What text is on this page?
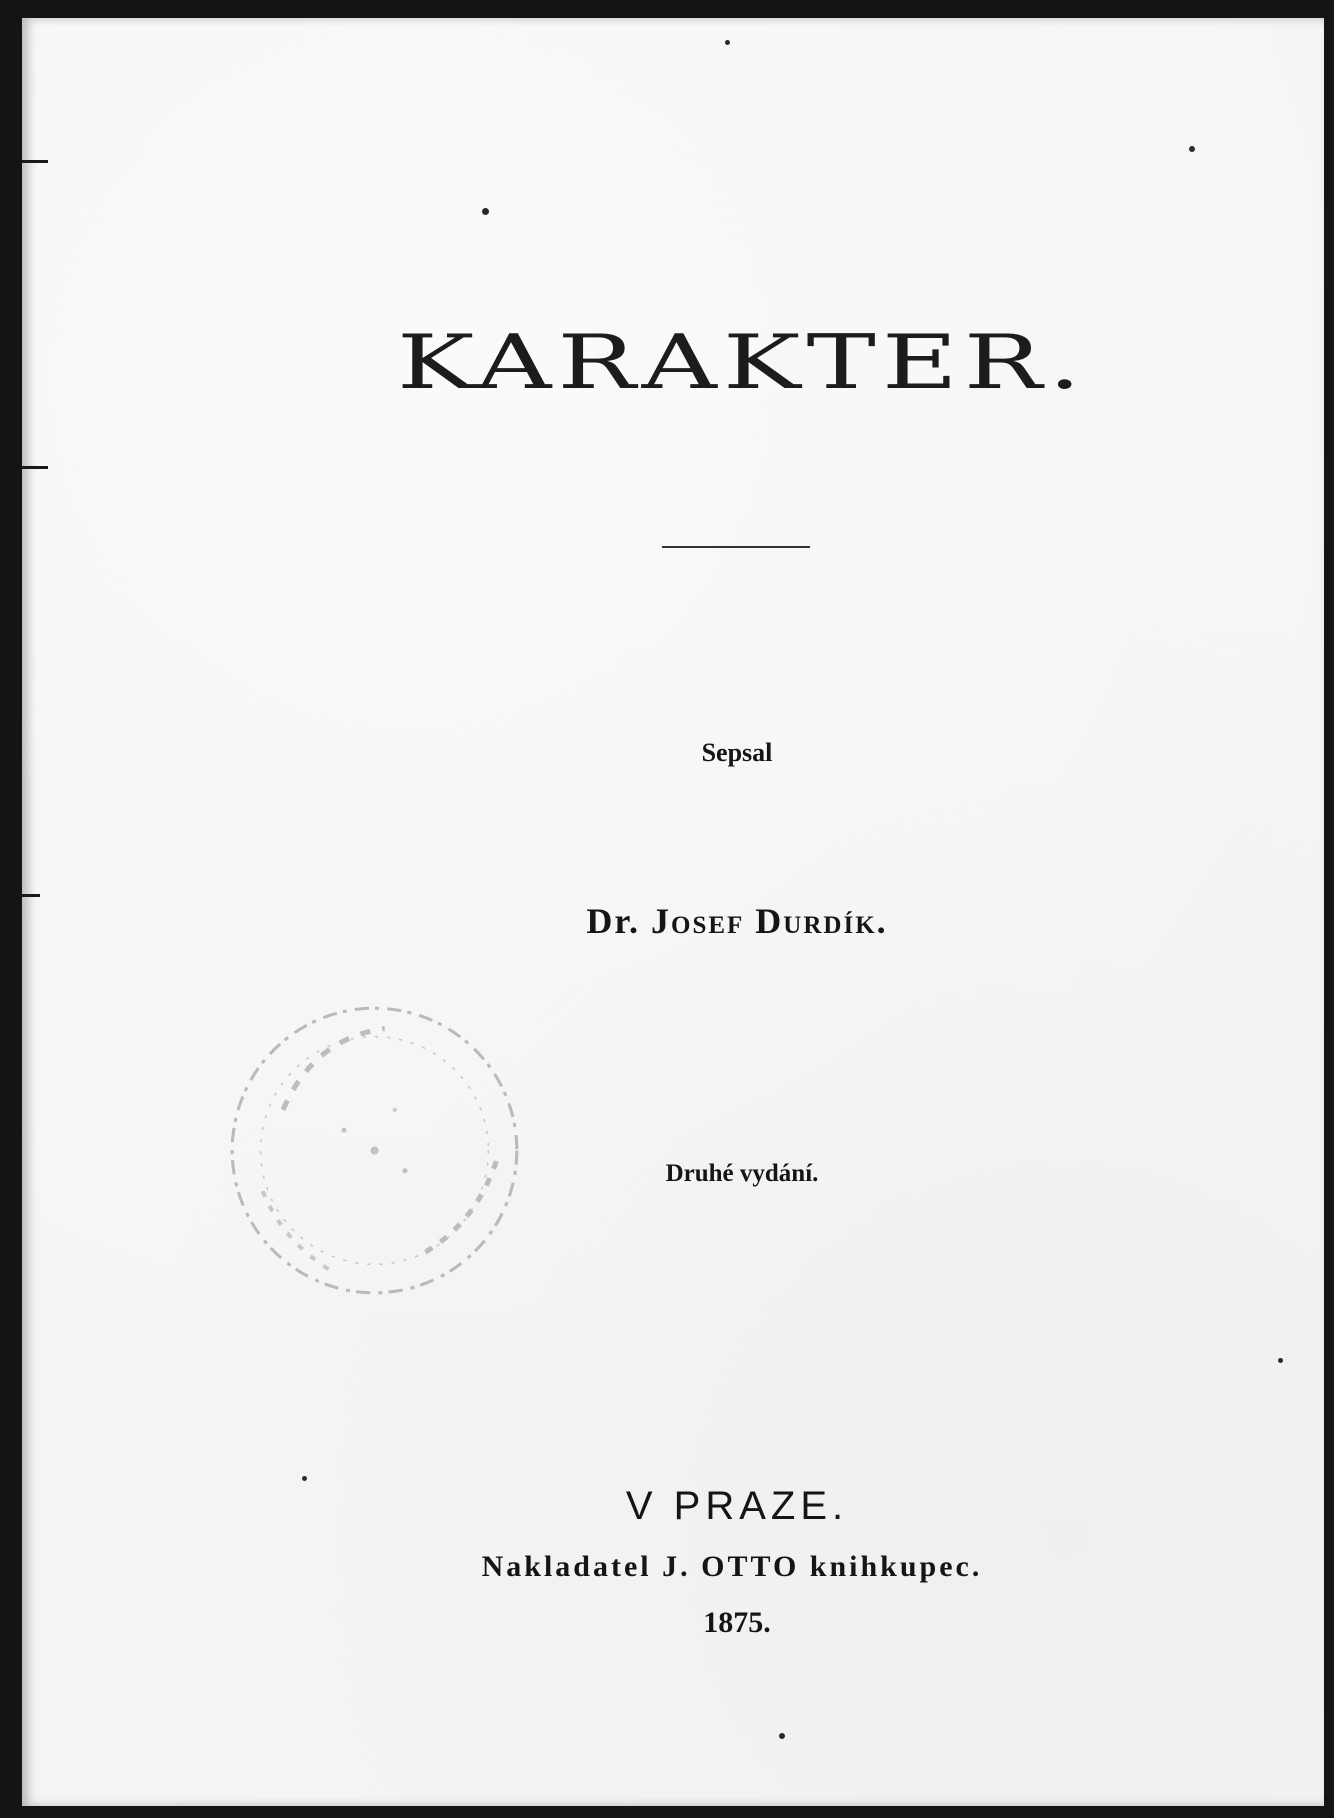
KARAKTER.
Sepsal
Dr. Josef Durdík.
Druhé vydání.
V PRAZE.
Nakladatel J. OTTO knihkupec.
1875.
